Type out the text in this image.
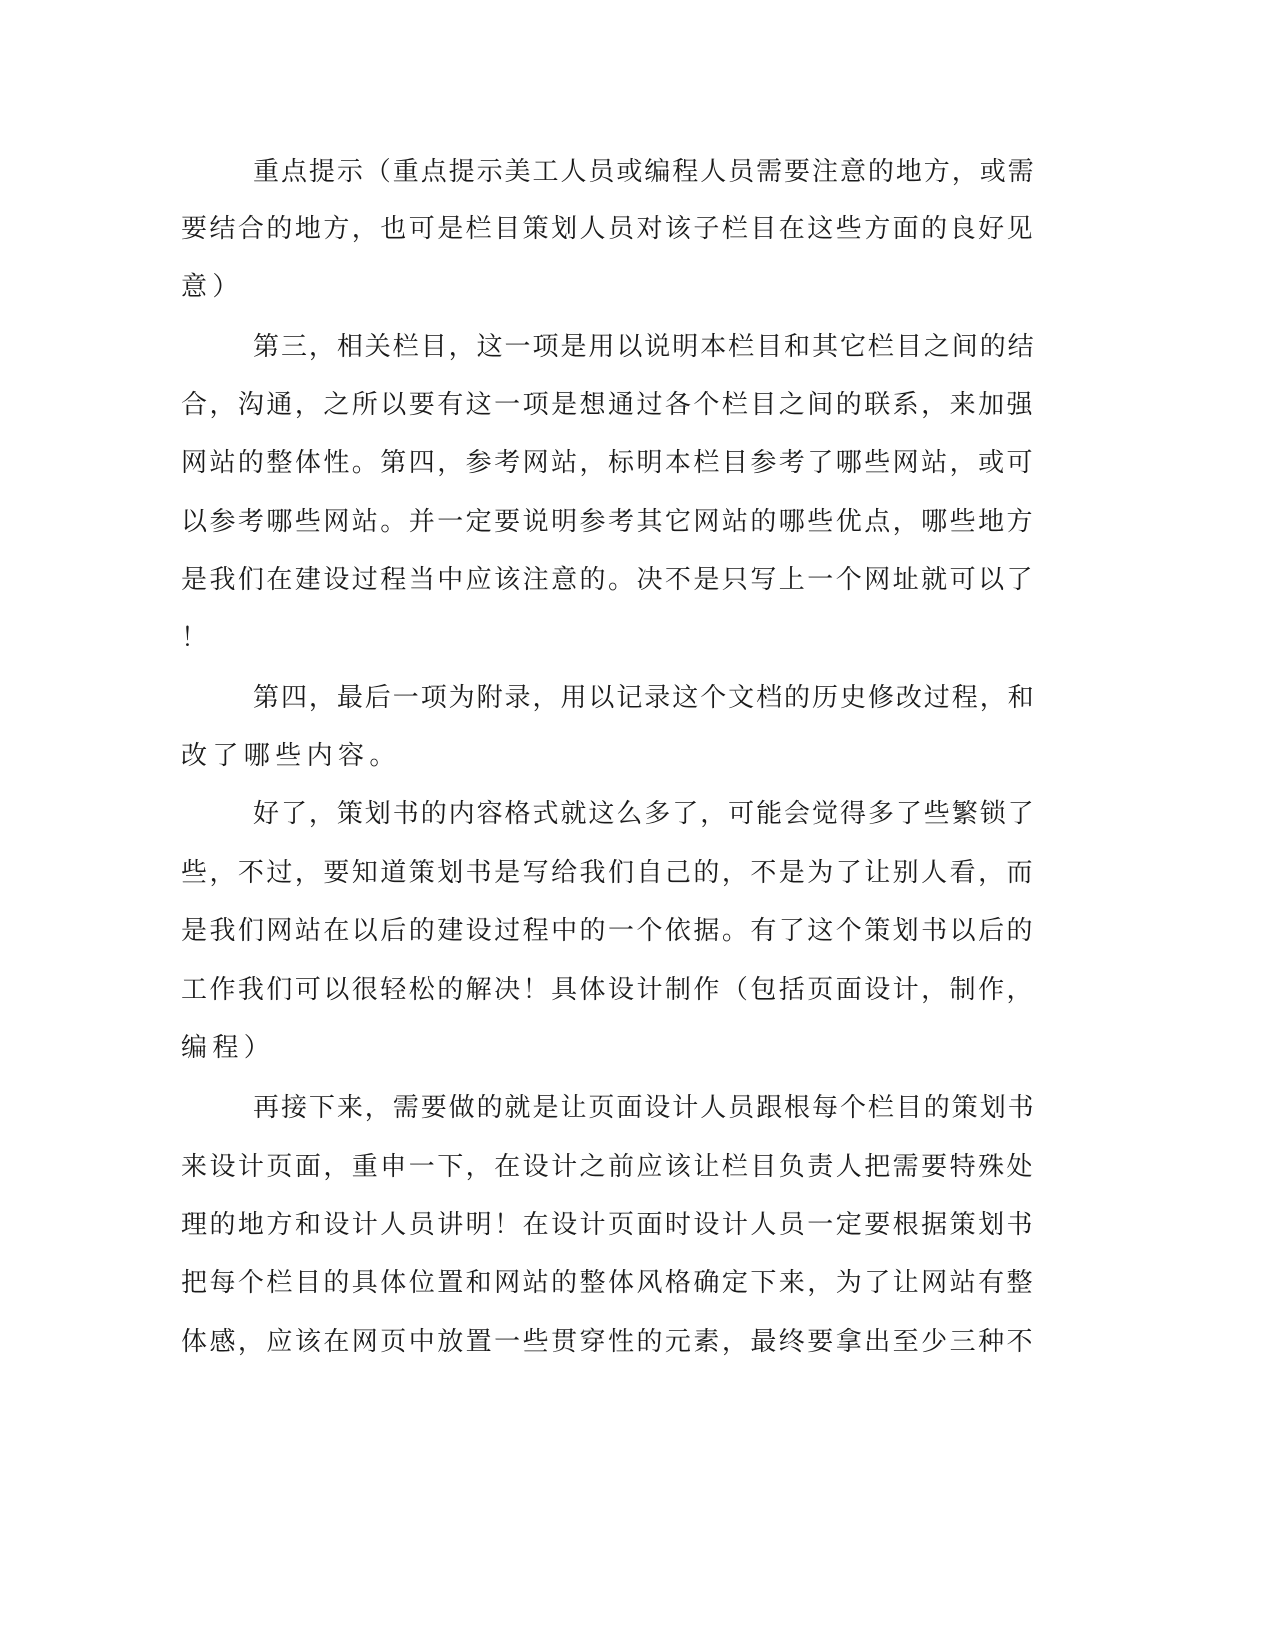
重点提示（重点提示美工人员或编程人员需要注意的地方，或需
要结合的地方，也可是栏目策划人员对该子栏目在这些方面的良好见
意）
第三，相关栏目，这一项是用以说明本栏目和其它栏目之间的结
合，沟通，之所以要有这一项是想通过各个栏目之间的联系，来加强
网站的整体性。第四，参考网站，标明本栏目参考了哪些网站，或可
以参考哪些网站。并一定要说明参考其它网站的哪些优点，哪些地方
是我们在建设过程当中应该注意的。决不是只写上一个网址就可以了
！
第四，最后一项为附录，用以记录这个文档的历史修改过程，和
改了哪些内容。
好了，策划书的内容格式就这么多了，可能会觉得多了些繁锁了
些，不过，要知道策划书是写给我们自己的，不是为了让别人看，而
是我们网站在以后的建设过程中的一个依据。有了这个策划书以后的
工作我们可以很轻松的解决！具体设计制作（包括页面设计，制作，
编程）
再接下来，需要做的就是让页面设计人员跟根每个栏目的策划书
来设计页面，重申一下，在设计之前应该让栏目负责人把需要特殊处
理的地方和设计人员讲明！在设计页面时设计人员一定要根据策划书
把每个栏目的具体位置和网站的整体风格确定下来，为了让网站有整
体感，应该在网页中放置一些贯穿性的元素，最终要拿出至少三种不
